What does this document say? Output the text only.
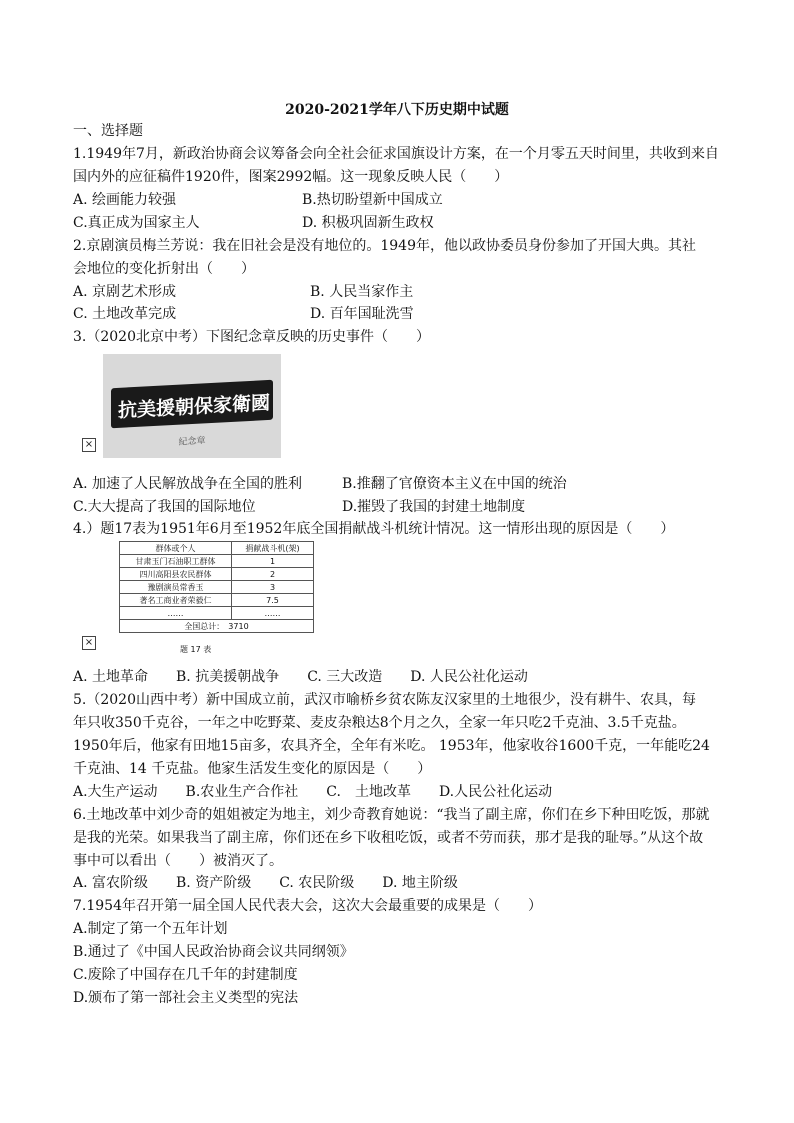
2020-2021学年八下历史期中试题
一、选择题
1.1949年7月，新政治协商会议筹备会向全社会征求国旗设计方案，在一个月零五天时间里，共收到来自
国内外的应征稿件1920件，图案2992幅。这一现象反映人民（　　）
A. 绘画能力较强	B.热切盼望新中国成立
C.真正成为国家主人	D. 积极巩固新生政权
2.京剧演员梅兰芳说：我在旧社会是没有地位的。1949年，他以政协委员身份参加了开国大典。其社
会地位的变化折射出（　　）
A. 京剧艺术形成	B. 人民当家作主
C. 土地改革完成	D. 百年国耻洗雪
3.（2020北京中考）下图纪念章反映的历史事件（　　）
抗美援朝保家衛國
紀念章
×
A. 加速了人民解放战争在全国的胜利	B.推翻了官僚资本主义在中国的统治
C.大大提高了我国的国际地位	D.摧毁了我国的封建土地制度
4.）题17表为1951年6月至1952年底全国捐献战斗机统计情况。这一情形出现的原因是（　　）
群体或个人	捐献战斗机(架)
甘肃玉门石油职工群体	1
四川高阳县农民群体	2
豫剧演员常香玉	3
著名工商业者荣毅仁	7.5
……	……
全国总计：　3710	
题 17 表
×
A. 土地革命　　B. 抗美援朝战争　　C. 三大改造　　D. 人民公社化运动
5.（2020山西中考）新中国成立前，武汉市喻桥乡贫农陈友汉家里的土地很少，没有耕牛、农具，每
年只收350千克谷，一年之中吃野菜、麦皮杂粮达8个月之久，全家一年只吃2千克油、3.5千克盐。
1950年后，他家有田地15亩多，农具齐全，全年有米吃。 1953年，他家收谷1600千克，一年能吃24
千克油、14 千克盐。他家生活发生变化的原因是（　　）
A.大生产运动　　B.农业生产合作社　　C.　土地改革　　D.人民公社化运动
6.土地改革中刘少奇的姐姐被定为地主，刘少奇教育她说：“我当了副主席，你们在乡下种田吃饭，那就
是我的光荣。如果我当了副主席，你们还在乡下收租吃饭，或者不劳而获，那才是我的耻辱。”从这个故
事中可以看出（　　）被消灭了。
A. 富农阶级　　B. 资产阶级　　C. 农民阶级　　D. 地主阶级
7.1954年召开第一届全国人民代表大会，这次大会最重要的成果是（　　）
A.制定了第一个五年计划
B.通过了《中国人民政治协商会议共同纲领》
C.废除了中国存在几千年的封建制度
D.颁布了第一部社会主义类型的宪法
